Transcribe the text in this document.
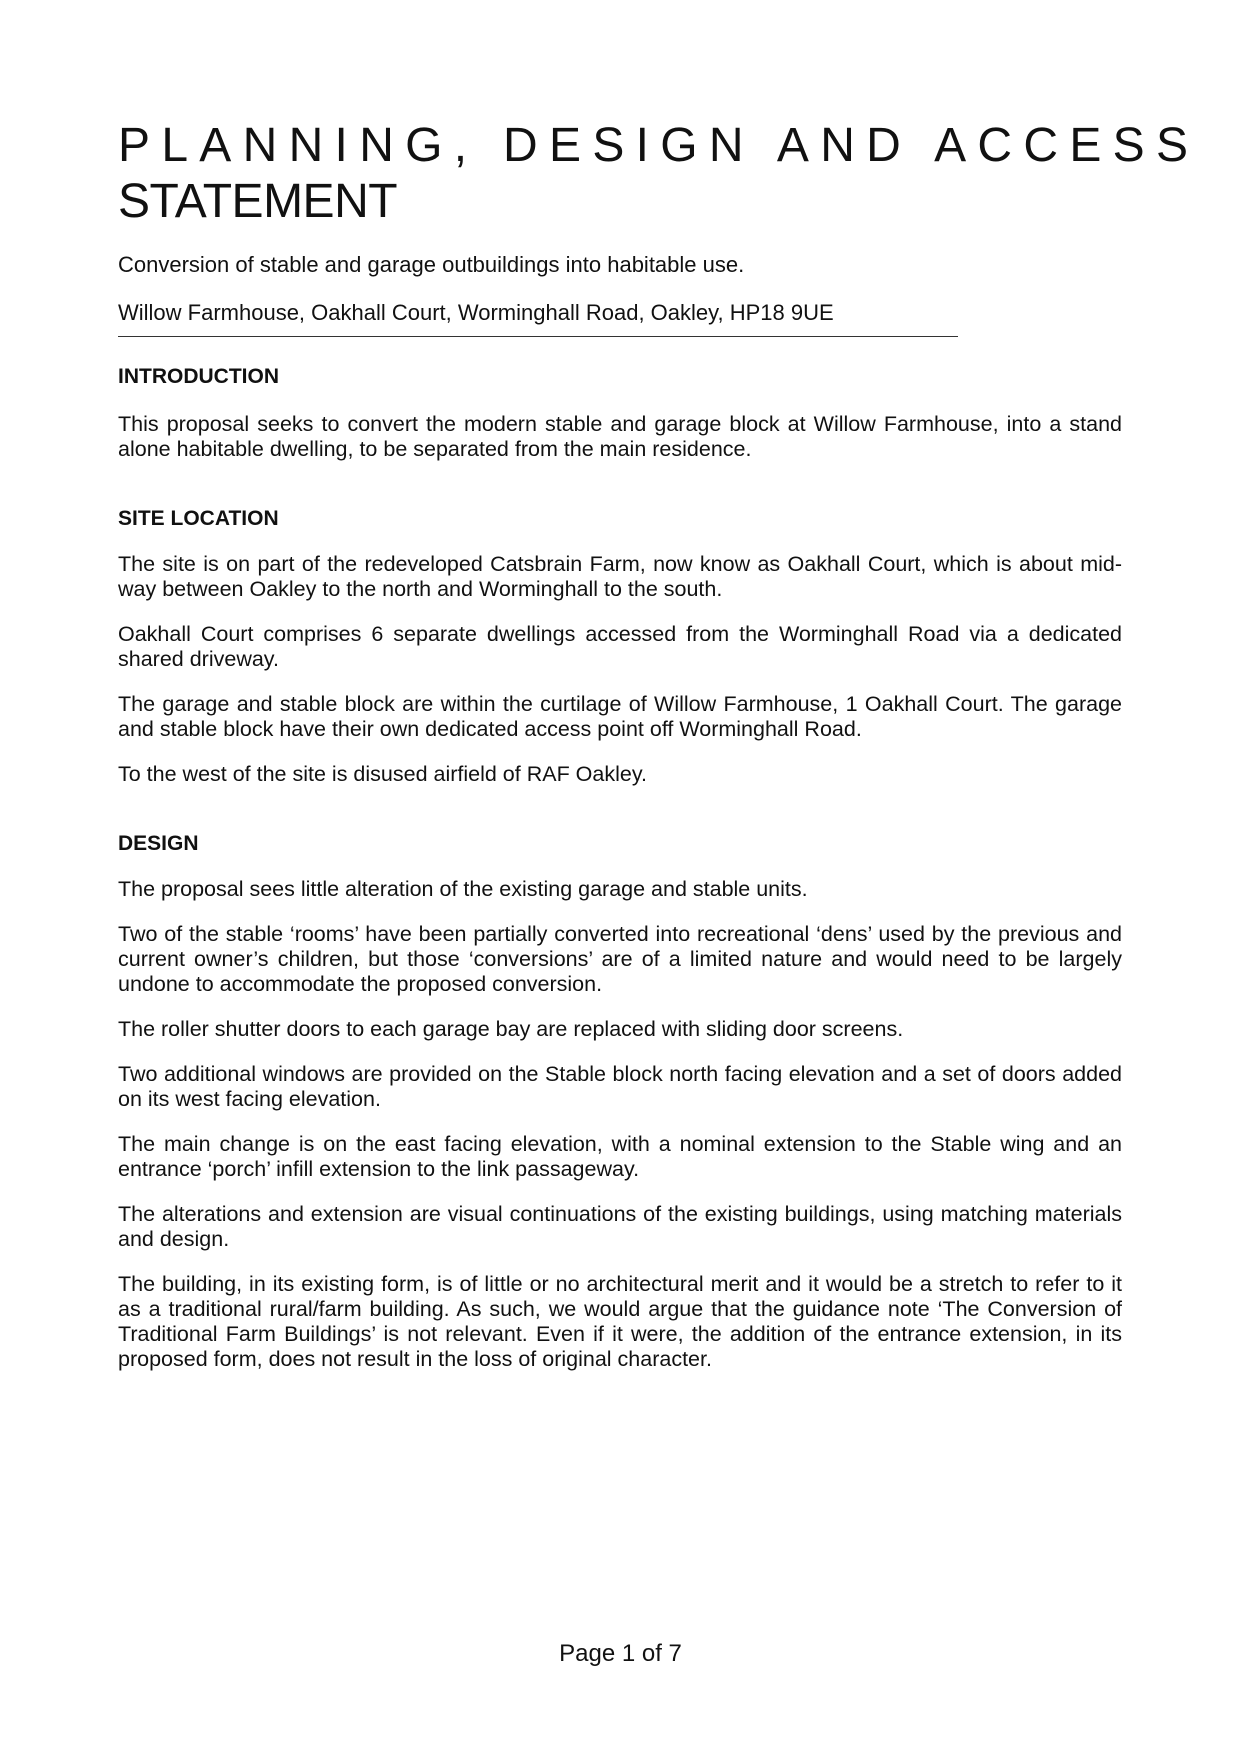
PLANNING, DESIGN AND ACCESS
STATEMENT

Conversion of stable and garage outbuildings into habitable use.

Willow Farmhouse, Oakhall Court, Worminghall Road, Oakley, HP18 9UE

INTRODUCTION

This proposal seeks to convert the modern stable and garage block at Willow Farmhouse, into a stand alone habitable dwelling, to be separated from the main residence.

SITE LOCATION

The site is on part of the redeveloped Catsbrain Farm, now know as Oakhall Court, which is about mid-way between Oakley to the north and Worminghall to the south.

Oakhall Court comprises 6 separate dwellings accessed from the Worminghall Road via a dedicated shared driveway.

The garage and stable block are within the curtilage of Willow Farmhouse, 1 Oakhall Court. The garage and stable block have their own dedicated access point off Worminghall Road.

To the west of the site is disused airfield of RAF Oakley.

DESIGN

The proposal sees little alteration of the existing garage and stable units.

Two of the stable ‘rooms’ have been partially converted into recreational ‘dens’ used by the previous and current owner’s children, but those ‘conversions’ are of a limited nature and would need to be largely undone to accommodate the proposed conversion.

The roller shutter doors to each garage bay are replaced with sliding door screens.

Two additional windows are provided on the Stable block north facing elevation and a set of doors added on its west facing elevation.

The main change is on the east facing elevation, with a nominal extension to the Stable wing and an entrance ‘porch’ infill extension to the link passageway.

The alterations and extension are visual continuations of the existing buildings, using matching materials and design.

The building, in its existing form, is of little or no architectural merit and it would be a stretch to refer to it as a traditional rural/farm building. As such, we would argue that the guidance note ‘The Conversion of Traditional Farm Buildings’ is not relevant. Even if it were, the addition of the entrance extension, in its proposed form, does not result in the loss of original character.

Page 1 of 7
